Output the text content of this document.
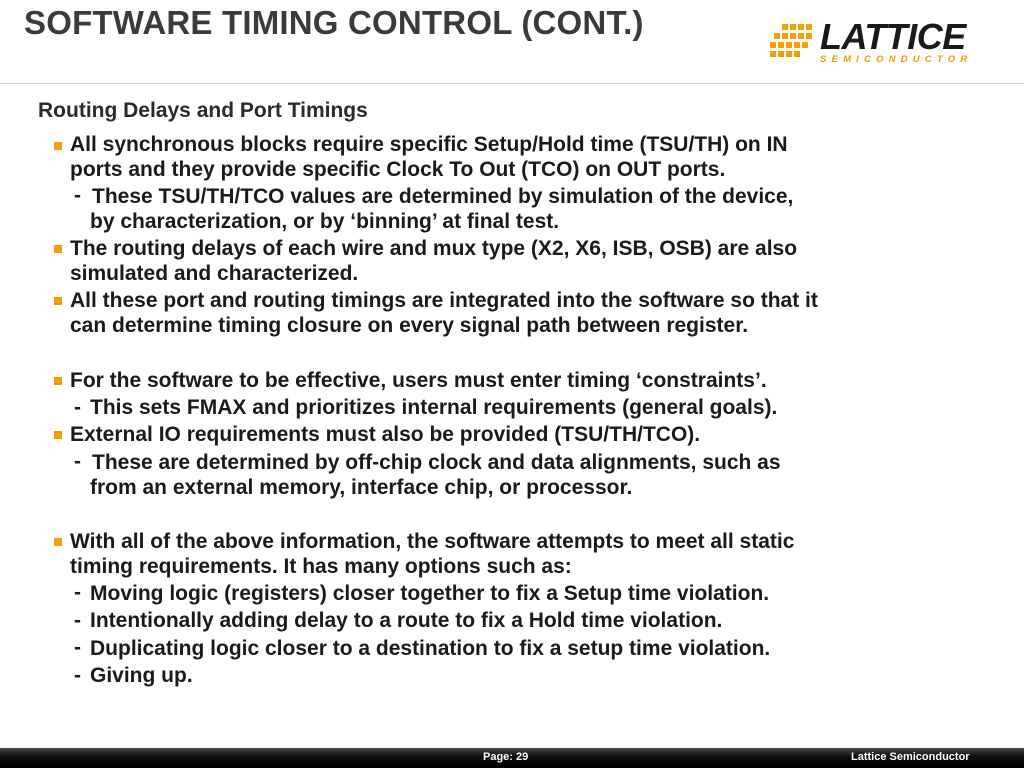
SOFTWARE TIMING CONTROL (CONT.)	LATTICE
SEMICONDUCTOR
Routing Delays and Port Timings
All synchronous blocks require specific Setup/Hold time (TSU/TH) on IN
ports and they provide specific Clock To Out (TCO) on OUT ports.
- These TSU/TH/TCO values are determined by simulation of the device,
by characterization, or by ‘binning’ at final test.
The routing delays of each wire and mux type (X2, X6, ISB, OSB) are also
simulated and characterized.
All these port and routing timings are integrated into the software so that it
can determine timing closure on every signal path between register.
For the software to be effective, users must enter timing ‘constraints’.
- This sets FMAX and prioritizes internal requirements (general goals).
External IO requirements must also be provided (TSU/TH/TCO).
- These are determined by off-chip clock and data alignments, such as
from an external memory, interface chip, or processor.
With all of the above information, the software attempts to meet all static
timing requirements. It has many options such as:
- Moving logic (registers) closer together to fix a Setup time violation.
- Intentionally adding delay to a route to fix a Hold time violation.
- Duplicating logic closer to a destination to fix a setup time violation.
- Giving up.
Page: 29	Lattice Semiconductor
